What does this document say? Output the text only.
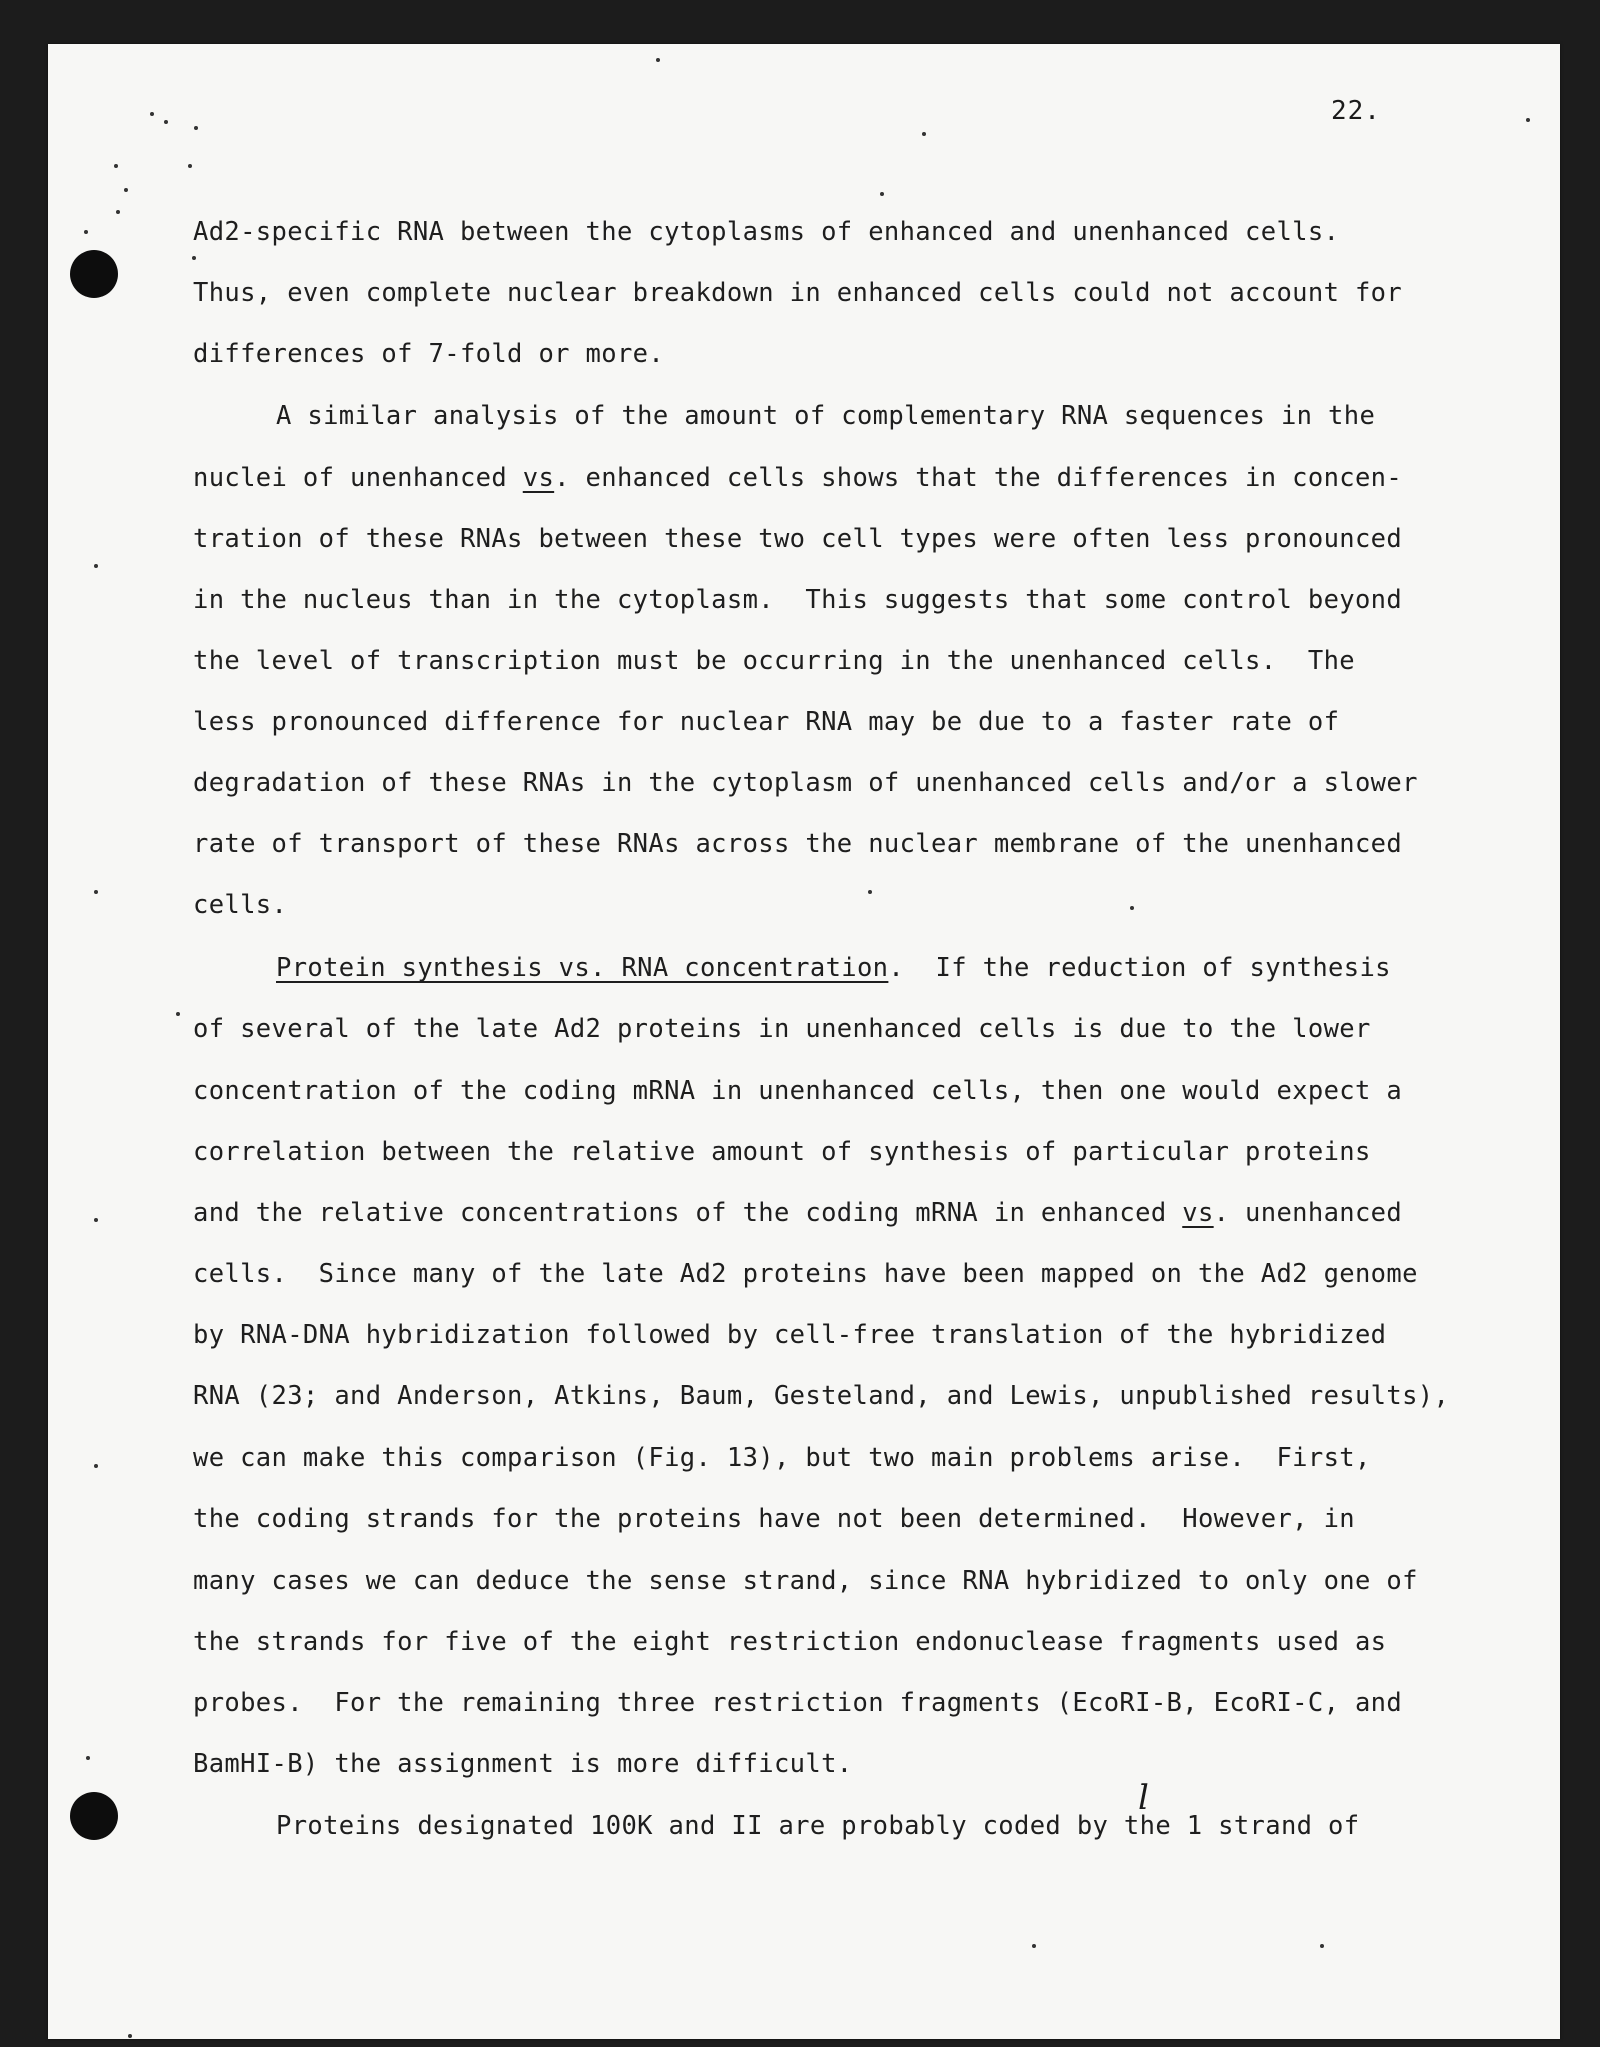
22.
l
Ad2-specific RNA between the cytoplasms of enhanced and unenhanced cells.
Thus, even complete nuclear breakdown in enhanced cells could not account for
differences of 7-fold or more.
A similar analysis of the amount of complementary RNA sequences in the
nuclei of unenhanced vs. enhanced cells shows that the differences in concen-
tration of these RNAs between these two cell types were often less pronounced
in the nucleus than in the cytoplasm.  This suggests that some control beyond
the level of transcription must be occurring in the unenhanced cells.  The
less pronounced difference for nuclear RNA may be due to a faster rate of
degradation of these RNAs in the cytoplasm of unenhanced cells and/or a slower
rate of transport of these RNAs across the nuclear membrane of the unenhanced
cells.
Protein synthesis vs. RNA concentration.  If the reduction of synthesis
of several of the late Ad2 proteins in unenhanced cells is due to the lower
concentration of the coding mRNA in unenhanced cells, then one would expect a
correlation between the relative amount of synthesis of particular proteins
and the relative concentrations of the coding mRNA in enhanced vs. unenhanced
cells.  Since many of the late Ad2 proteins have been mapped on the Ad2 genome
by RNA-DNA hybridization followed by cell-free translation of the hybridized
RNA (23; and Anderson, Atkins, Baum, Gesteland, and Lewis, unpublished results),
we can make this comparison (Fig. 13), but two main problems arise.  First,
the coding strands for the proteins have not been determined.  However, in
many cases we can deduce the sense strand, since RNA hybridized to only one of
the strands for five of the eight restriction endonuclease fragments used as
probes.  For the remaining three restriction fragments (EcoRI-B, EcoRI-C, and
BamHI-B) the assignment is more difficult.
Proteins designated 100K and II are probably coded by the 1 strand of
